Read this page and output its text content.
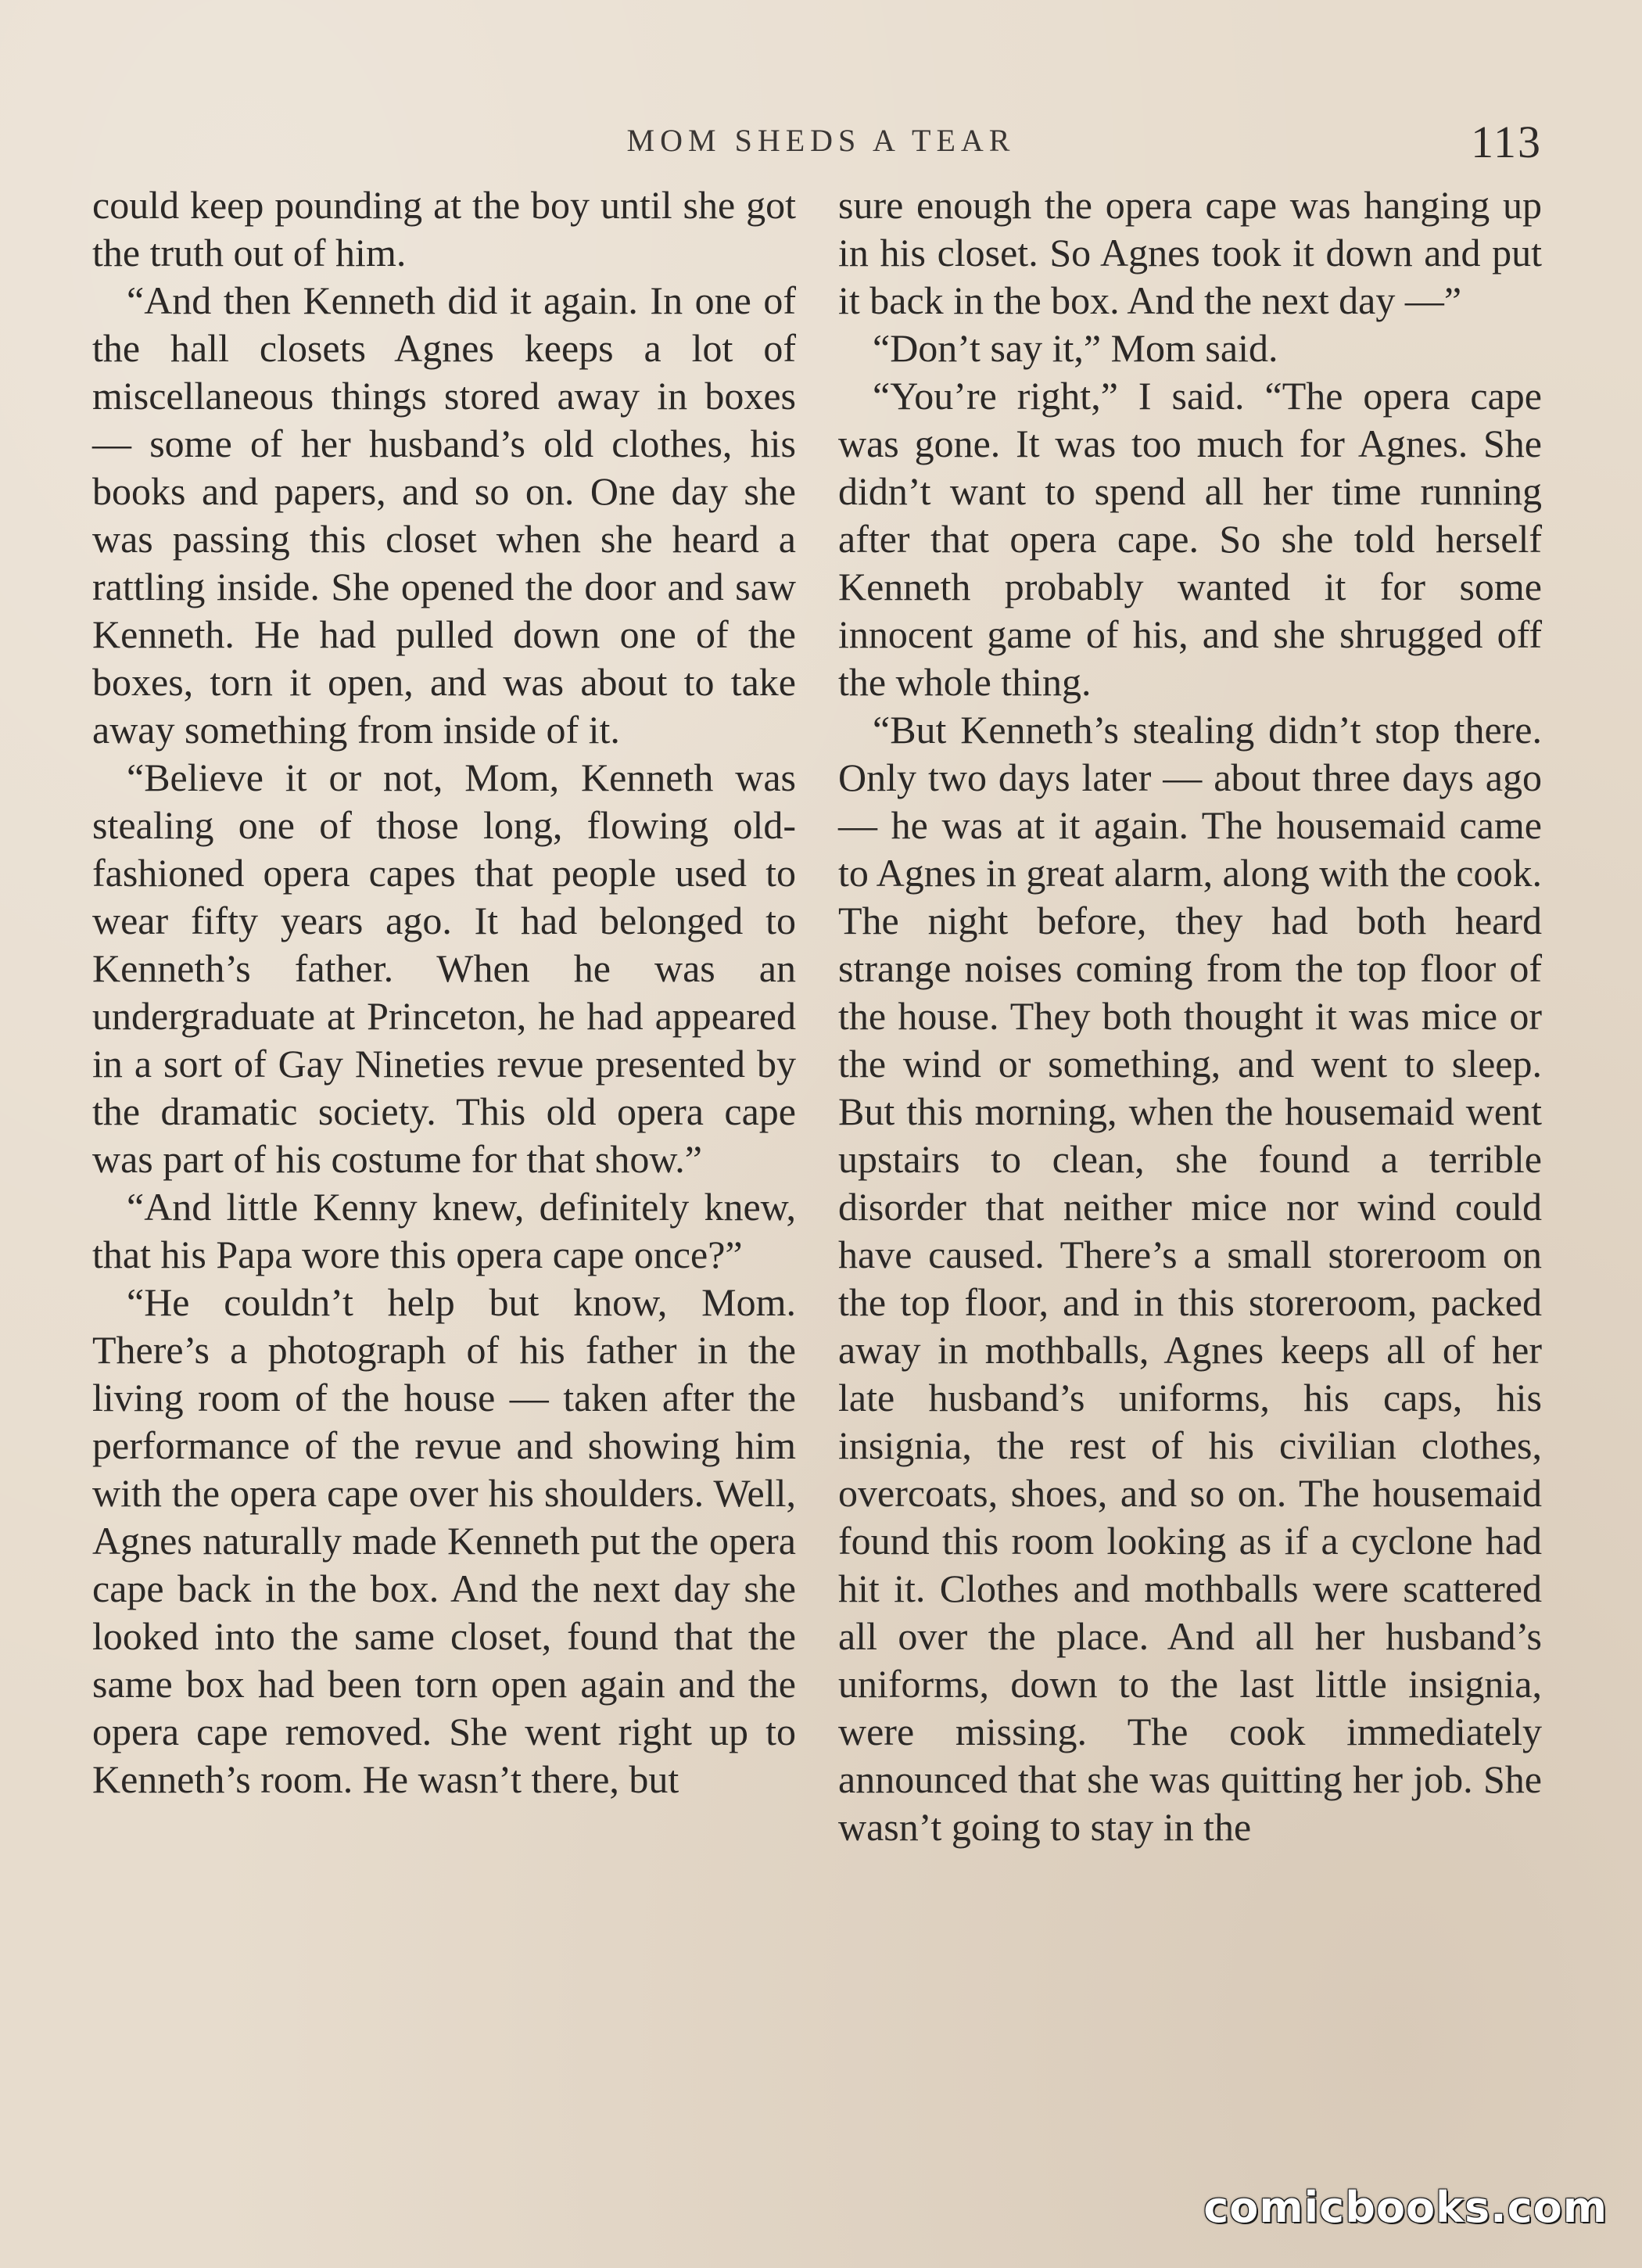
MOM SHEDS A TEAR	113

could keep pounding at the boy until she got the truth out of him.

“And then Kenneth did it again. In one of the hall closets Agnes keeps a lot of miscellaneous things stored away in boxes — some of her husband’s old clothes, his books and papers, and so on. One day she was passing this closet when she heard a rattling inside. She opened the door and saw Kenneth. He had pulled down one of the boxes, torn it open, and was about to take away something from inside of it.

“Believe it or not, Mom, Kenneth was stealing one of those long, flowing old-fashioned opera capes that people used to wear fifty years ago. It had belonged to Kenneth’s father. When he was an undergraduate at Princeton, he had appeared in a sort of Gay Nineties revue presented by the dramatic society. This old opera cape was part of his costume for that show.”

“And little Kenny knew, definitely knew, that his Papa wore this opera cape once?”

“He couldn’t help but know, Mom. There’s a photograph of his father in the living room of the house — taken after the performance of the revue and showing him with the opera cape over his shoulders. Well, Agnes naturally made Kenneth put the opera cape back in the box. And the next day she looked into the same closet, found that the same box had been torn open again and the opera cape removed. She went right up to Kenneth’s room. He wasn’t there, but

sure enough the opera cape was hanging up in his closet. So Agnes took it down and put it back in the box. And the next day —”

“Don’t say it,” Mom said.

“You’re right,” I said. “The opera cape was gone. It was too much for Agnes. She didn’t want to spend all her time running after that opera cape. So she told herself Kenneth probably wanted it for some innocent game of his, and she shrugged off the whole thing.

“But Kenneth’s stealing didn’t stop there. Only two days later — about three days ago — he was at it again. The housemaid came to Agnes in great alarm, along with the cook. The night before, they had both heard strange noises coming from the top floor of the house. They both thought it was mice or the wind or something, and went to sleep. But this morning, when the housemaid went upstairs to clean, she found a terrible disorder that neither mice nor wind could have caused. There’s a small storeroom on the top floor, and in this storeroom, packed away in mothballs, Agnes keeps all of her late husband’s uniforms, his caps, his insignia, the rest of his civilian clothes, overcoats, shoes, and so on. The housemaid found this room looking as if a cyclone had hit it. Clothes and mothballs were scattered all over the place. And all her husband’s uniforms, down to the last little insignia, were missing. The cook immediately announced that she was quitting her job. She wasn’t going to stay in the

comicbooks.com
